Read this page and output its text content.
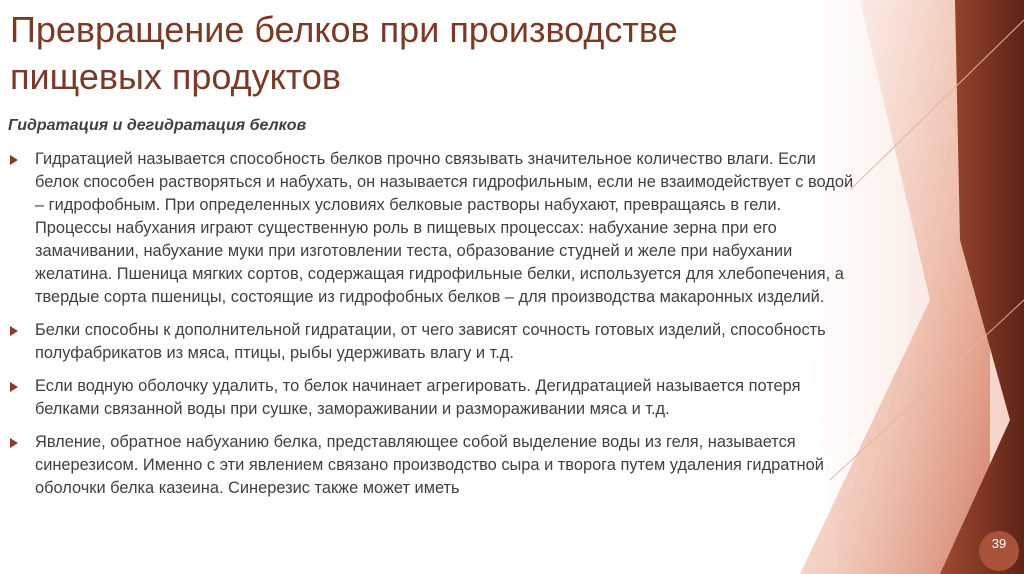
Превращение белков при производстве пищевых продуктов
Гидратация и дегидратация белков
Гидратацией называется способность белков прочно связывать значительное количество влаги. Если белок способен растворяться и набухать, он называется гидрофильным, если не взаимодействует с водой – гидрофобным. При определенных условиях белковые растворы набухают, превращаясь в гели. Процессы набухания играют существенную роль в пищевых процессах: набухание зерна при его замачивании, набухание муки при изготовлении теста, образование студней и желе при набухании желатина. Пшеница мягких сортов, содержащая гидрофильные белки, используется для хлебопечения, а твердые сорта пшеницы, состоящие из гидрофобных белков – для производства макаронных изделий.
Белки способны к дополнительной гидратации, от чего зависят сочность готовых изделий, способность полуфабрикатов из мяса, птицы, рыбы удерживать влагу и т.д.
Если водную оболочку удалить, то белок начинает агрегировать. Дегидратацией называется потеря белками связанной воды при сушке, замораживании и размораживании мяса и т.д.
Явление, обратное набуханию белка, представляющее собой выделение воды из геля, называется синерезисом. Именно с эти явлением связано производство сыра и творога путем удаления гидратной оболочки белка казеина. Синерезис также может иметь
39
